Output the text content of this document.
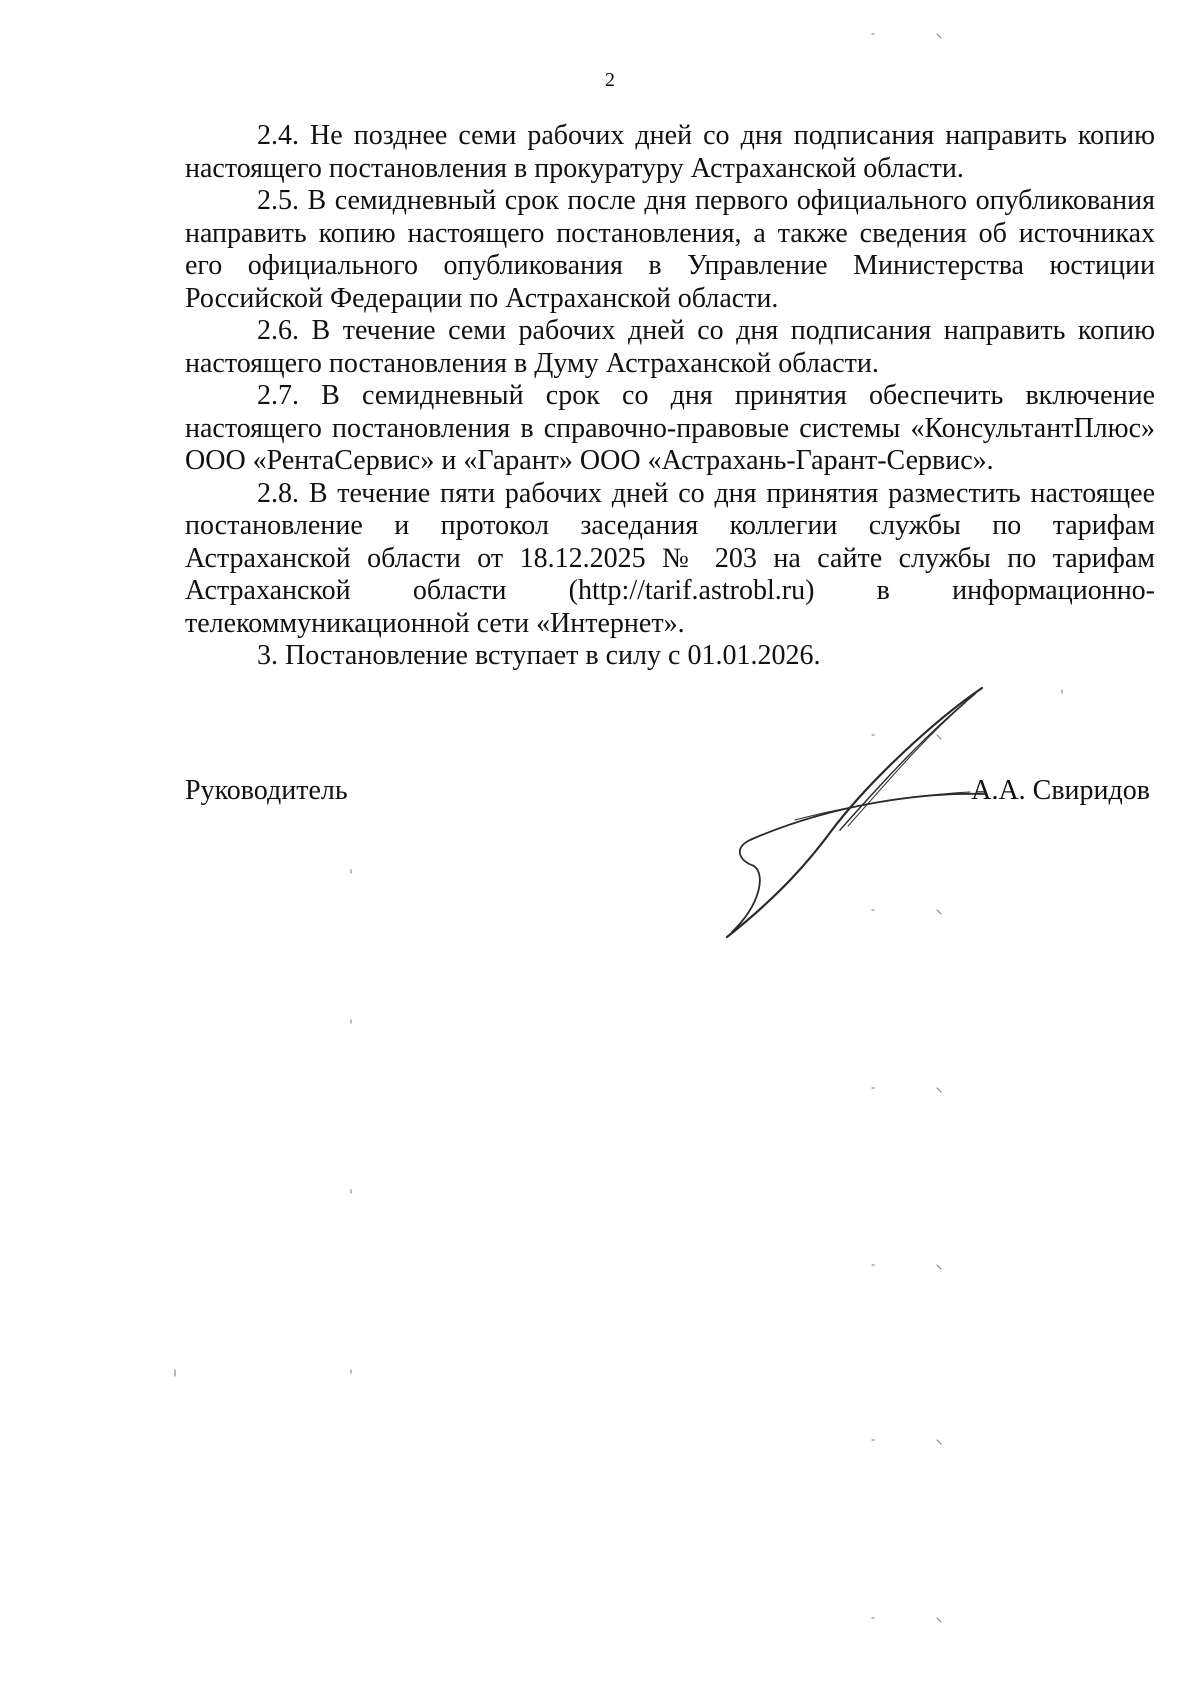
2

2.4. Не позднее семи рабочих дней со дня подписания направить копию настоящего постановления в прокуратуру Астраханской области.

2.5. В семидневный срок после дня первого официального опубликования направить копию настоящего постановления, а также сведения об источниках его официального опубликования в Управление Министерства юстиции Российской Федерации по Астраханской области.

2.6. В течение семи рабочих дней со дня подписания направить копию настоящего постановления в Думу Астраханской области.

2.7. В семидневный срок со дня принятия обеспечить включение настоящего постановления в справочно-правовые системы «КонсультантПлюс» ООО «РентаСервис» и «Гарант» ООО «Астрахань-Гарант-Сервис».

2.8. В течение пяти рабочих дней со дня принятия разместить настоящее постановление и протокол заседания коллегии службы по тарифам Астраханской области от 18.12.2025 № 203 на сайте службы по тарифам Астраханской области (http://tarif.astrobl.ru) в информационно-телекоммуникационной сети «Интернет».

3. Постановление вступает в силу с 01.01.2026.

Руководитель	А.А. Свиридов
